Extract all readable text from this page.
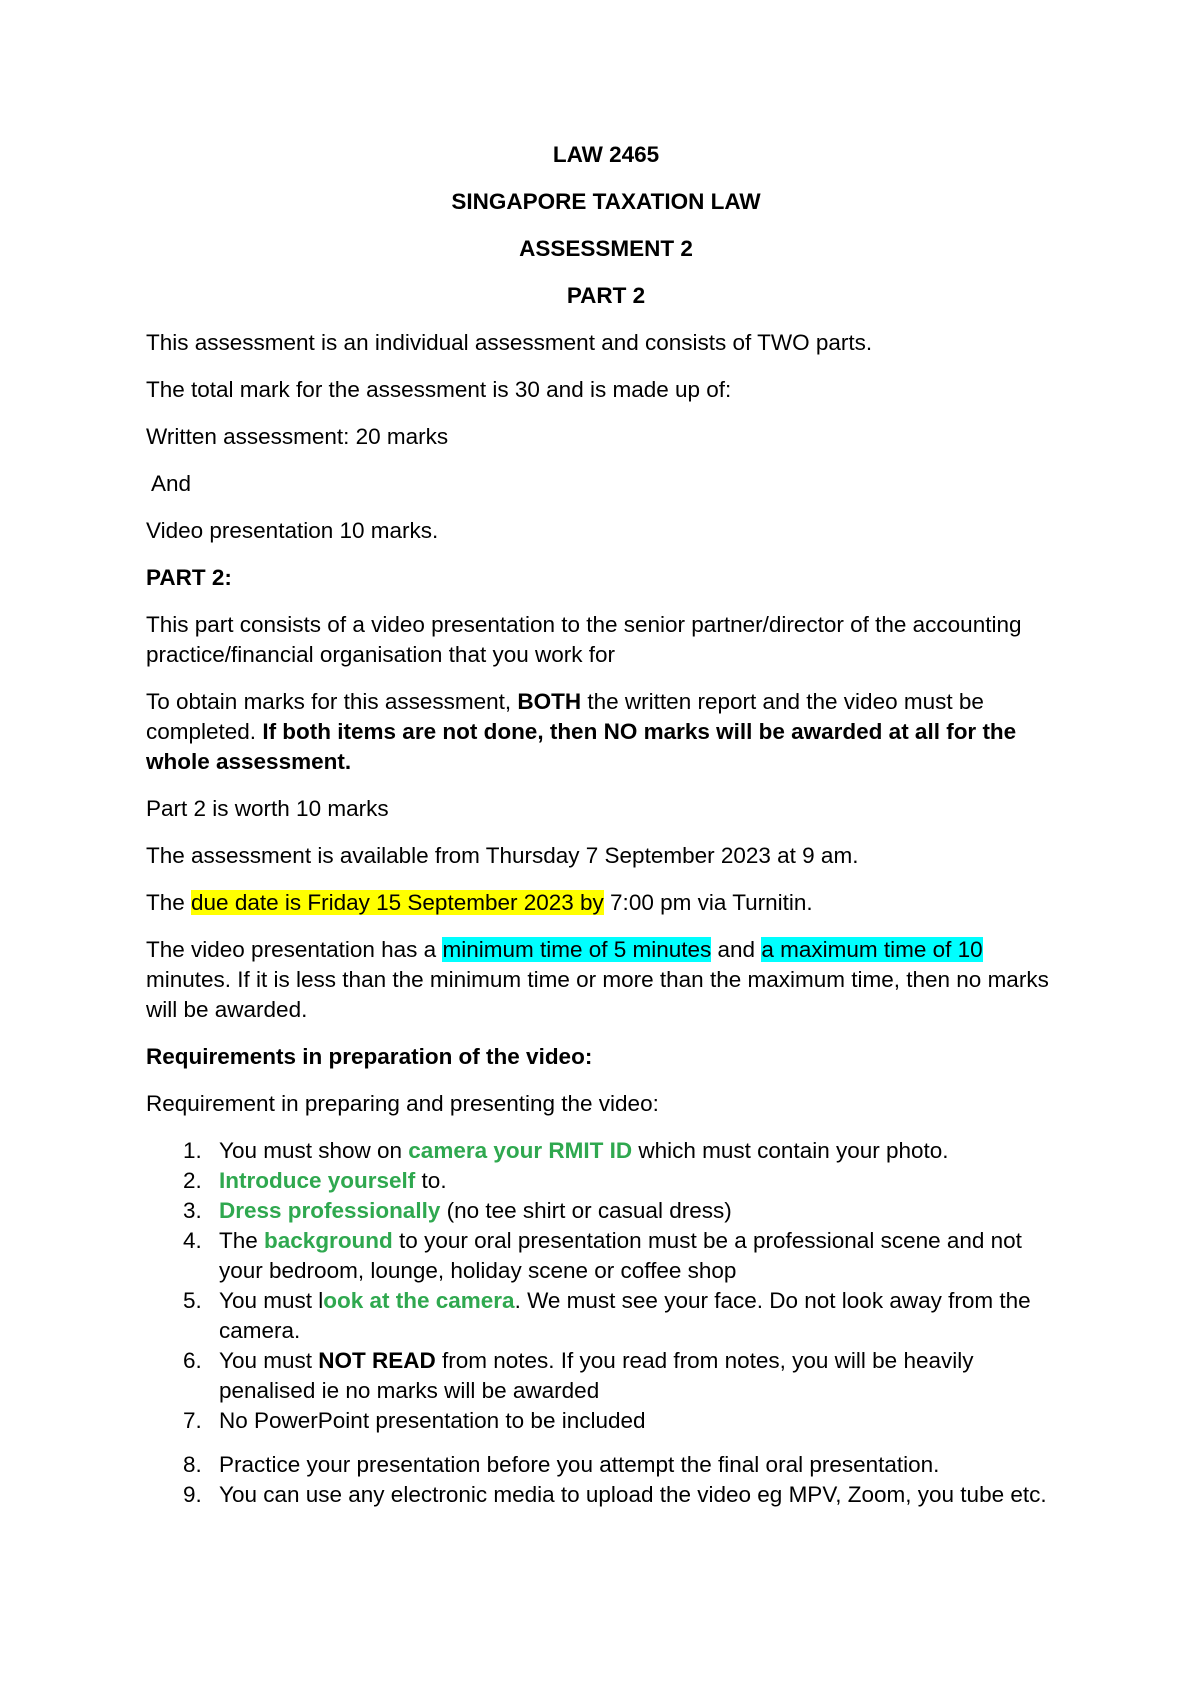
LAW 2465

SINGAPORE TAXATION LAW

ASSESSMENT 2

PART 2

This assessment is an individual assessment and consists of TWO parts.

The total mark for the assessment is 30 and is made up of:

Written assessment: 20 marks

And

Video presentation 10 marks.

PART 2:

This part consists of a video presentation to the senior partner/director of the accounting practice/financial organisation that you work for

To obtain marks for this assessment, BOTH the written report and the video must be completed. If both items are not done, then NO marks will be awarded at all for the whole assessment.

Part 2 is worth 10 marks

The assessment is available from Thursday 7 September 2023 at 9 am.

The due date is Friday 15 September 2023 by 7:00 pm via Turnitin.

The video presentation has a minimum time of 5 minutes and a maximum time of 10 minutes. If it is less than the minimum time or more than the maximum time, then no marks will be awarded.

Requirements in preparation of the video:

Requirement in preparing and presenting the video:

1. You must show on camera your RMIT ID which must contain your photo.
2. Introduce yourself to.
3. Dress professionally (no tee shirt or casual dress)
4. The background to your oral presentation must be a professional scene and not your bedroom, lounge, holiday scene or coffee shop
5. You must look at the camera. We must see your face. Do not look away from the camera.
6. You must NOT READ from notes. If you read from notes, you will be heavily penalised ie no marks will be awarded
7. No PowerPoint presentation to be included
8. Practice your presentation before you attempt the final oral presentation.
9. You can use any electronic media to upload the video eg MPV, Zoom, you tube etc.
